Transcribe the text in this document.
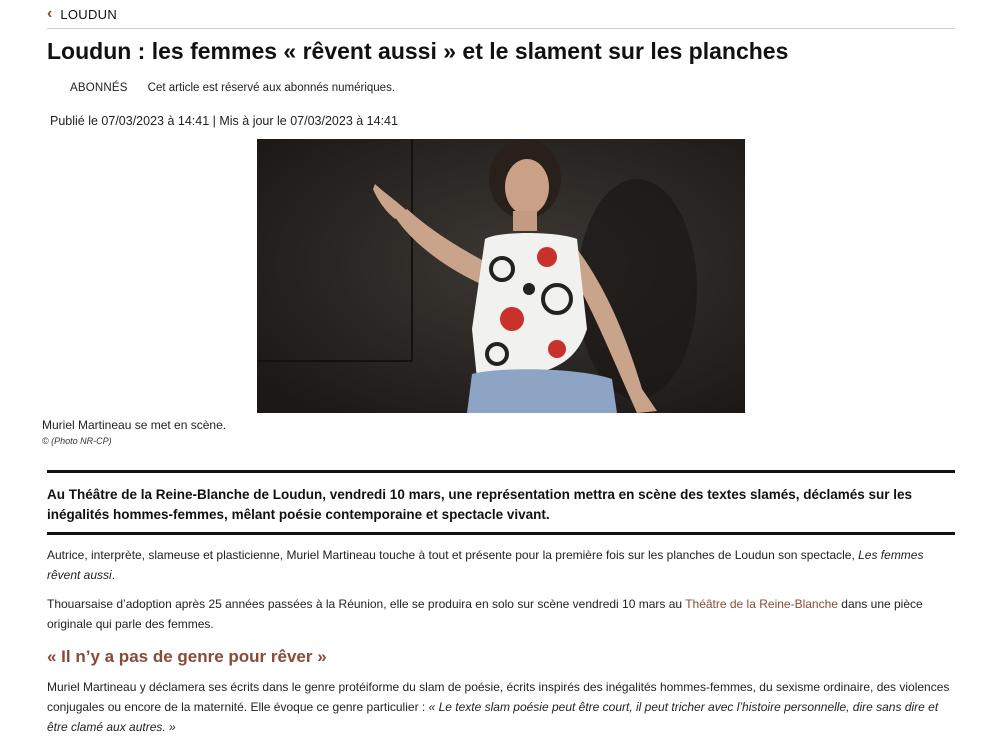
‹ LOUDUN
Loudun : les femmes « rêvent aussi » et le slament sur les planches
ABONNÉS Cet article est réservé aux abonnés numériques.
Publié le 07/03/2023 à 14:41 | Mis à jour le 07/03/2023 à 14:41
Muriel Martineau se met en scène.
© (Photo NR-CP)

Au Théâtre de la Reine-Blanche de Loudun, vendredi 10 mars, une représentation mettra en scène des textes slamés, déclamés sur les inégalités hommes-femmes, mêlant poésie contemporaine et spectacle vivant.

Autrice, interprète, slameuse et plasticienne, Muriel Martineau touche à tout et présente pour la première fois sur les planches de Loudun son spectacle, Les femmes rêvent aussi.

Thouarsaise d’adoption après 25 années passées à la Réunion, elle se produira en solo sur scène vendredi 10 mars au Théâtre de la Reine-Blanche dans une pièce originale qui parle des femmes.

« Il n’y a pas de genre pour rêver »

Muriel Martineau y déclamera ses écrits dans le genre protéiforme du slam de poésie, écrits inspirés des inégalités hommes-femmes, du sexisme ordinaire, des violences conjugales ou encore de la maternité. Elle évoque ce genre particulier : « Le texte slam poésie peut être court, il peut tricher avec l’histoire personnelle, dire sans dire et être clamé aux autres. »
